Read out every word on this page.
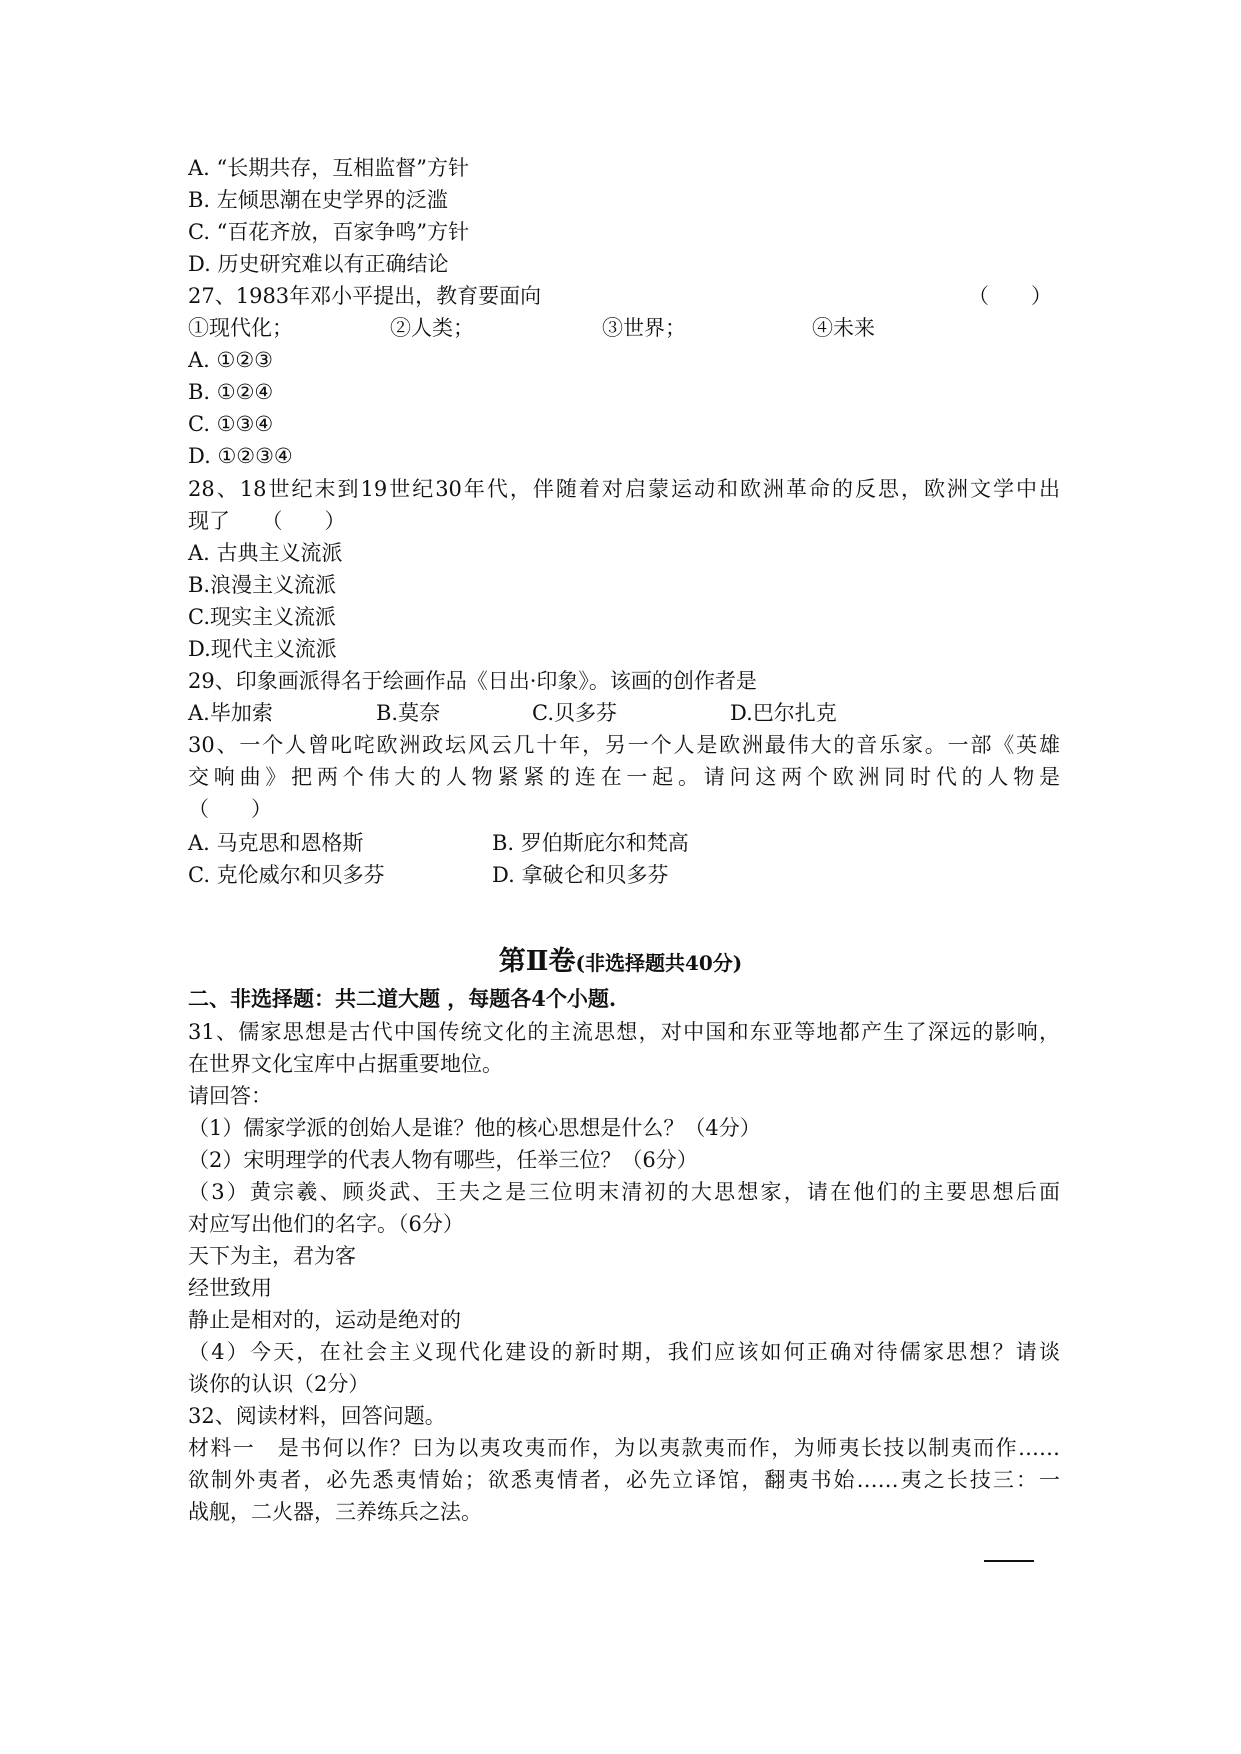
A. “长期共存，互相监督”方针
B. 左倾思潮在史学界的泛滥
C. “百花齐放，百家争鸣”方针
D. 历史研究难以有正确结论
27、1983年邓小平提出，教育要面向	（　　）
①现代化；	②人类；	③世界；	④未来
A. ①②③
B. ①②④
C. ①③④
D. ①②③④
28、18世纪末到19世纪30年代，伴随着对启蒙运动和欧洲革命的反思，欧洲文学中出
现了　　（　　）
A. 古典主义流派
B.浪漫主义流派
C.现实主义流派
D.现代主义流派
29、印象画派得名于绘画作品《日出·印象》。该画的创作者是
A.毕加索	B.莫奈	C.贝多芬	D.巴尔扎克
30、一个人曾叱咤欧洲政坛风云几十年，另一个人是欧洲最伟大的音乐家。一部《英雄
交响曲》把两个伟大的人物紧紧的连在一起。请问这两个欧洲同时代的人物是
（　　）
A. 马克思和恩格斯	B. 罗伯斯庇尔和梵高
C. 克伦威尔和贝多芬	D. 拿破仑和贝多芬
第Ⅱ卷(非选择题共40分)
二、非选择题：共二道大题 ，每题各4个小题.
31、儒家思想是古代中国传统文化的主流思想，对中国和东亚等地都产生了深远的影响，
在世界文化宝库中占据重要地位。
请回答：
（1）儒家学派的创始人是谁？他的核心思想是什么？（4分）
（2）宋明理学的代表人物有哪些，任举三位？（6分）
（3）黄宗羲、顾炎武、王夫之是三位明末清初的大思想家，请在他们的主要思想后面
对应写出他们的名字。（6分）
天下为主，君为客
经世致用
静止是相对的，运动是绝对的
（4）今天，在社会主义现代化建设的新时期，我们应该如何正确对待儒家思想？请谈
谈你的认识（2分）
32、阅读材料，回答问题。
材料一　是书何以作？曰为以夷攻夷而作，为以夷款夷而作，为师夷长技以制夷而作……
欲制外夷者，必先悉夷情始；欲悉夷情者，必先立译馆，翻夷书始……夷之长技三：一
战舰，二火器，三养练兵之法。
